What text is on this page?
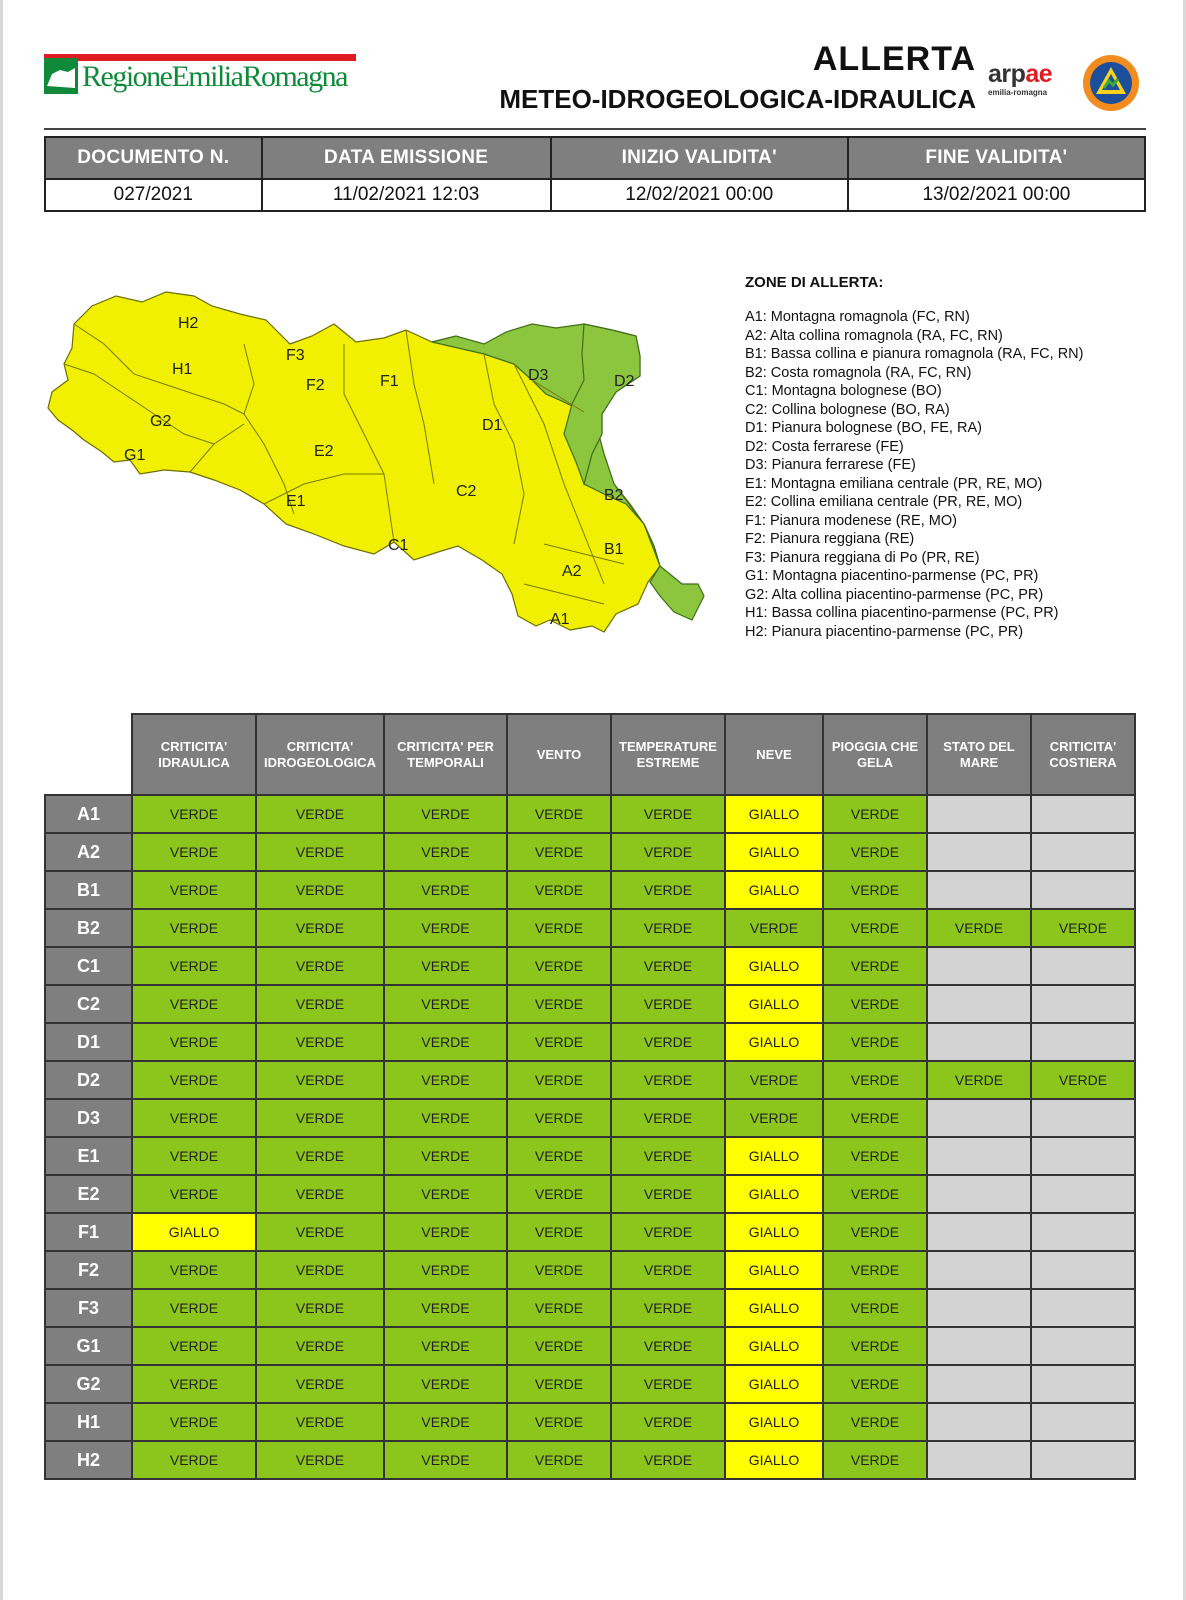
RegioneEmiliaRomagna	ALLERTA
METEO-IDROGEOLOGICA-IDRAULICA
arpae
emilia-romagna
DOCUMENTO N.	DATA EMISSIONE	INIZIO VALIDITA'	FINE VALIDITA'
027/2021	11/02/2021 12:03	12/02/2021 00:00	13/02/2021 00:00
H2
H1
G2
G1
F3
F2	F1
E2
E1
D3	D2
D1
C2
C1
B2
B1
A2
A1
ZONE DI ALLERTA:
A1: Montagna romagnola (FC, RN)
A2: Alta collina romagnola (RA, FC, RN)
B1: Bassa collina e pianura romagnola (RA, FC, RN)
B2: Costa romagnola (RA, FC, RN)
C1: Montagna bolognese (BO)
C2: Collina bolognese (BO, RA)
D1: Pianura bolognese (BO, FE, RA)
D2: Costa ferrarese (FE)
D3: Pianura ferrarese (FE)
E1: Montagna emiliana centrale (PR, RE, MO)
E2: Collina emiliana centrale (PR, RE, MO)
F1: Pianura modenese (RE, MO)
F2: Pianura reggiana (RE)
F3: Pianura reggiana di Po (PR, RE)
G1: Montagna piacentino-parmense (PC, PR)
G2: Alta collina piacentino-parmense (PC, PR)
H1: Bassa collina piacentino-parmense (PC, PR)
H2: Pianura piacentino-parmense (PC, PR)
	CRITICITA' IDRAULICA	CRITICITA' IDROGEOLOGICA	CRITICITA' PER TEMPORALI	VENTO	TEMPERATURE ESTREME	NEVE	PIOGGIA CHE GELA	STATO DEL MARE	CRITICITA' COSTIERA
A1	VERDE	VERDE	VERDE	VERDE	VERDE	GIALLO	VERDE		
A2	VERDE	VERDE	VERDE	VERDE	VERDE	GIALLO	VERDE		
B1	VERDE	VERDE	VERDE	VERDE	VERDE	GIALLO	VERDE		
B2	VERDE	VERDE	VERDE	VERDE	VERDE	VERDE	VERDE	VERDE	VERDE
C1	VERDE	VERDE	VERDE	VERDE	VERDE	GIALLO	VERDE		
C2	VERDE	VERDE	VERDE	VERDE	VERDE	GIALLO	VERDE		
D1	VERDE	VERDE	VERDE	VERDE	VERDE	GIALLO	VERDE		
D2	VERDE	VERDE	VERDE	VERDE	VERDE	VERDE	VERDE	VERDE	VERDE
D3	VERDE	VERDE	VERDE	VERDE	VERDE	VERDE	VERDE		
E1	VERDE	VERDE	VERDE	VERDE	VERDE	GIALLO	VERDE		
E2	VERDE	VERDE	VERDE	VERDE	VERDE	GIALLO	VERDE		
F1	GIALLO	VERDE	VERDE	VERDE	VERDE	GIALLO	VERDE		
F2	VERDE	VERDE	VERDE	VERDE	VERDE	GIALLO	VERDE		
F3	VERDE	VERDE	VERDE	VERDE	VERDE	GIALLO	VERDE		
G1	VERDE	VERDE	VERDE	VERDE	VERDE	GIALLO	VERDE		
G2	VERDE	VERDE	VERDE	VERDE	VERDE	GIALLO	VERDE		
H1	VERDE	VERDE	VERDE	VERDE	VERDE	GIALLO	VERDE		
H2	VERDE	VERDE	VERDE	VERDE	VERDE	GIALLO	VERDE		
